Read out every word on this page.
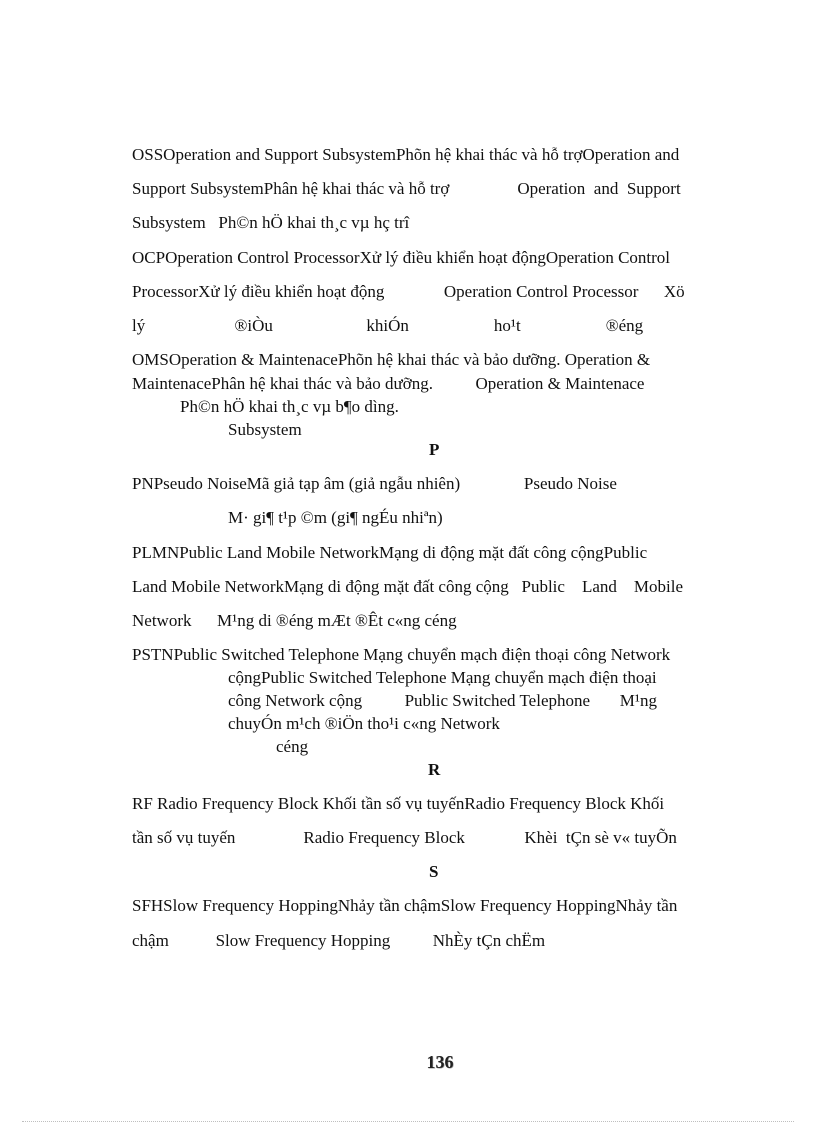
OSSOperation and Support SubsystemPhõn hệ khai thác và hỗ trợOperation and
Support SubsystemPhân hệ khai thác và hỗ trợ                Operation  and  Support
Subsystem   Ph©n hÖ khai th¸c vµ hç trî
OCPOperation Control ProcessorXử lý điều khiển hoạt độngOperation Control
ProcessorXử lý điều khiển hoạt động              Operation Control Processor      Xö
lý                     ®iÒu                      khiÓn                    ho¹t                    ®éng
OMSOperation & MaintenacePhõn hệ khai thác và bảo dưỡng. Operation &
MaintenacePhân hệ khai thác và bảo dưỡng.          Operation & Maintenace
Ph©n hÖ khai th¸c vµ b¶o dìng.
Subsystem
P
PNPseudo NoiseMã giả tạp âm (giả ngẫu nhiên)               Pseudo Noise
M· gi¶ t¹p ©m (gi¶ ngÉu nhiªn)
PLMNPublic Land Mobile NetworkMạng di động mặt đất công cộngPublic
Land Mobile NetworkMạng di động mặt đất công cộng   Public    Land    Mobile
Network      M¹ng di ®éng mÆt ®Êt c«ng céng
PSTNPublic Switched Telephone Mạng chuyển mạch điện thoại công Network
cộngPublic Switched Telephone Mạng chuyển mạch điện thoại
công Network cộng          Public Switched Telephone       M¹ng
chuyÓn m¹ch ®iÖn tho¹i c«ng Network
céng
R
RF Radio Frequency Block Khối tần số vụ tuyếnRadio Frequency Block Khối
tần số vụ tuyến                Radio Frequency Block              Khèi  tÇn sè v« tuyÕn
S
SFHSlow Frequency HoppingNhảy tần chậmSlow Frequency HoppingNhảy tần
chậm           Slow Frequency Hopping          NhÈy tÇn chËm
136
